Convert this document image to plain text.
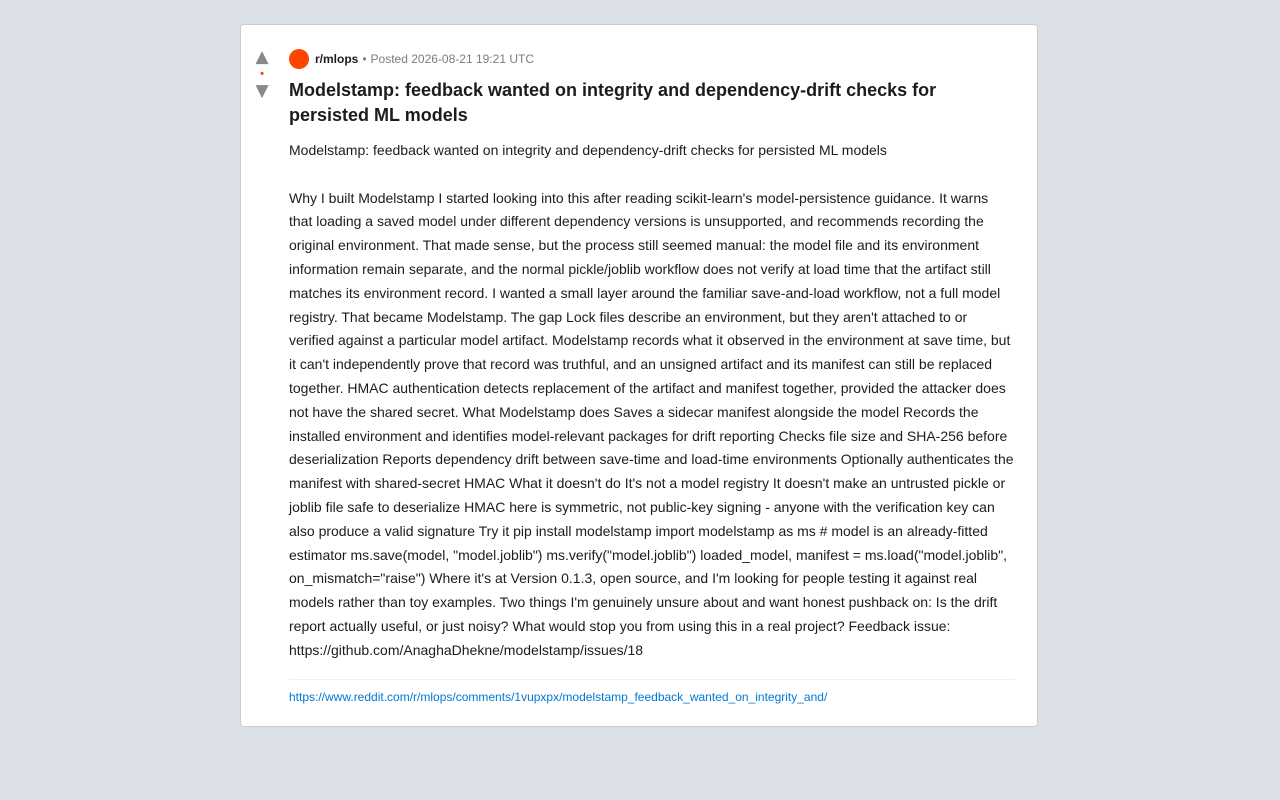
▲
•
▼
r/mlops • Posted 2026-08-21 19:21 UTC
Modelstamp: feedback wanted on integrity and dependency-drift checks for persisted ML models
Modelstamp: feedback wanted on integrity and dependency-drift checks for persisted ML models

Why I built Modelstamp I started looking into this after reading scikit-learn's model-persistence guidance. It warns that loading a saved model under different dependency versions is unsupported, and recommends recording the original environment. That made sense, but the process still seemed manual: the model file and its environment information remain separate, and the normal pickle/joblib workflow does not verify at load time that the artifact still matches its environment record. I wanted a small layer around the familiar save-and-load workflow, not a full model registry. That became Modelstamp. The gap Lock files describe an environment, but they aren't attached to or verified against a particular model artifact. Modelstamp records what it observed in the environment at save time, but it can't independently prove that record was truthful, and an unsigned artifact and its manifest can still be replaced together. HMAC authentication detects replacement of the artifact and manifest together, provided the attacker does not have the shared secret. What Modelstamp does Saves a sidecar manifest alongside the model Records the installed environment and identifies model-relevant packages for drift reporting Checks file size and SHA-256 before deserialization Reports dependency drift between save-time and load-time environments Optionally authenticates the manifest with shared-secret HMAC What it doesn't do It's not a model registry It doesn't make an untrusted pickle or joblib file safe to deserialize HMAC here is symmetric, not public-key signing - anyone with the verification key can also produce a valid signature Try it pip install modelstamp import modelstamp as ms # model is an already-fitted estimator ms.save(model, "model.joblib") ms.verify("model.joblib") loaded_model, manifest = ms.load("model.joblib", on_mismatch="raise") Where it's at Version 0.1.3, open source, and I'm looking for people testing it against real models rather than toy examples. Two things I'm genuinely unsure about and want honest pushback on: Is the drift report actually useful, or just noisy? What would stop you from using this in a real project? Feedback issue: https://github.com/AnaghaDhekne/modelstamp/issues/18
https://www.reddit.com/r/mlops/comments/1vupxpx/modelstamp_feedback_wanted_on_integrity_and/
